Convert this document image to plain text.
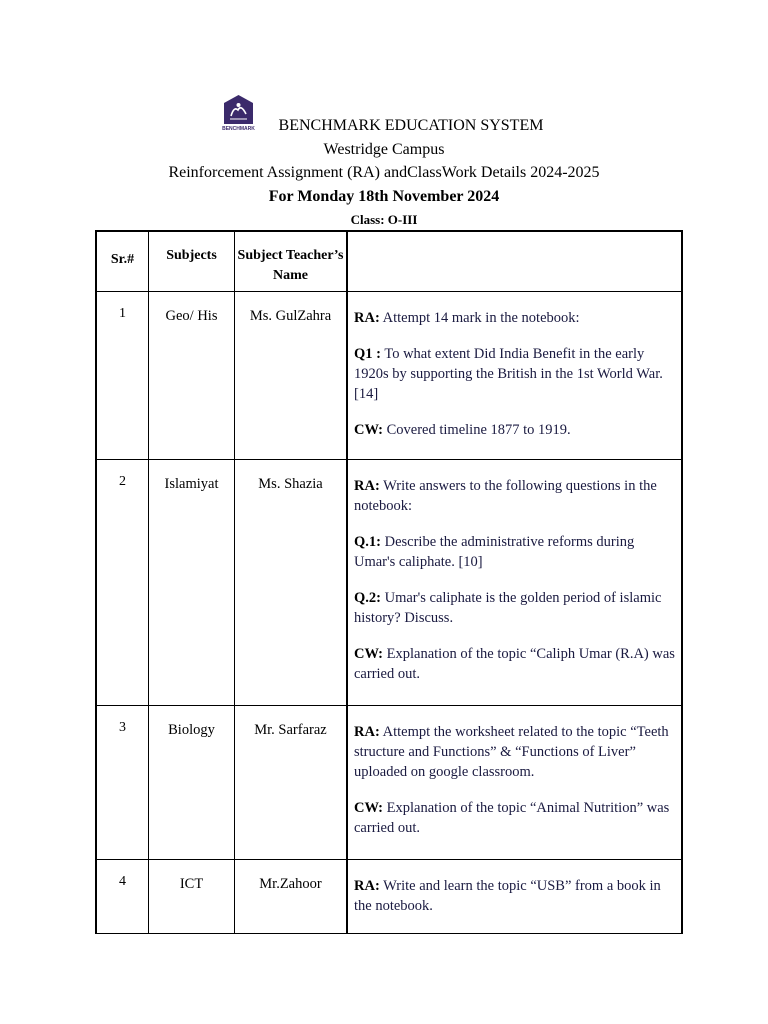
BENCHMARK	BENCHMARK EDUCATION SYSTEM
Westridge Campus
Reinforcement Assignment (RA) andClassWork Details 2024-2025
For Monday 18th November 2024
Class: O-III
Sr.#	Subjects	Subject Teacher’s Name	
1	Geo/ His	Ms. GulZahra	RA: Attempt 14 mark in the notebook:

Q1 : To what extent Did India Benefit in the early 1920s by supporting the British in the 1st World War. [14]

CW: Covered timeline 1877 to 1919.

2	Islamiyat	Ms. Shazia	RA: Write answers to the following questions in the notebook:

Q.1: Describe the administrative reforms during Umar's caliphate. [10]

Q.2: Umar's caliphate is the golden period of islamic history? Discuss.

CW: Explanation of the topic “Caliph Umar (R.A) was carried out.

3	Biology	Mr. Sarfaraz	RA: Attempt the worksheet related to the topic “Teeth structure and Functions” & “Functions of Liver” uploaded on google classroom.

CW: Explanation of the topic “Animal Nutrition” was carried out.

4	ICT	Mr.Zahoor	RA: Write and learn the topic “USB” from a book in the notebook.
